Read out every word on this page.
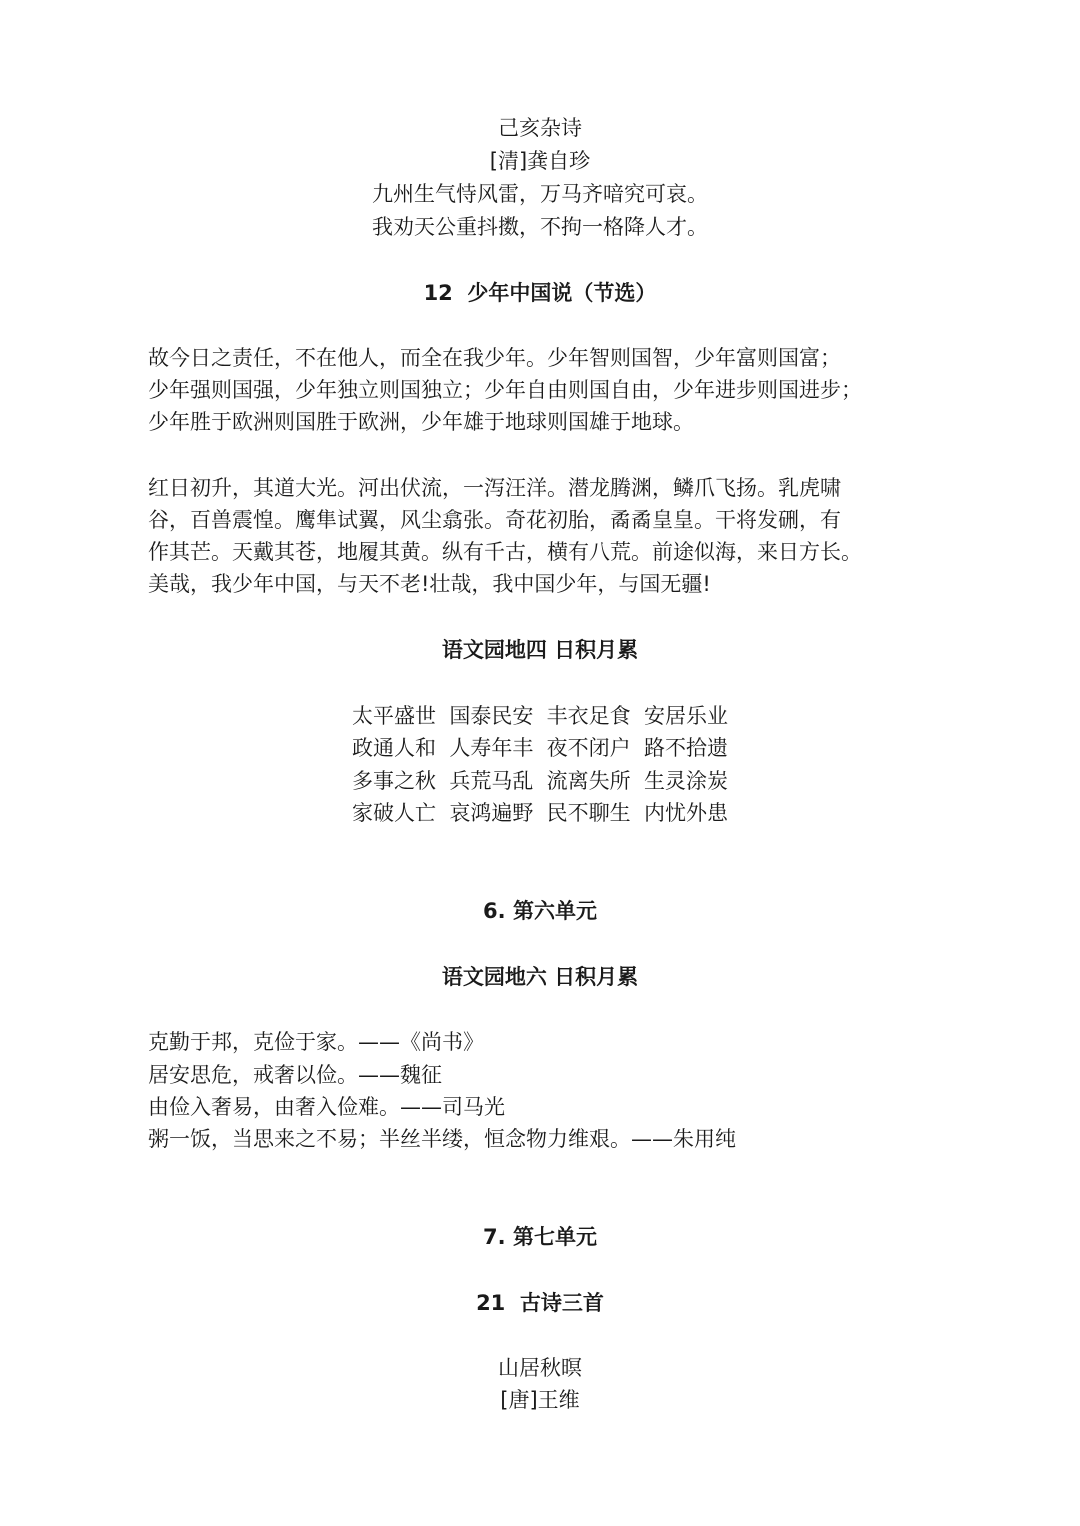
己亥杂诗
[清]龚自珍
九州生气恃风雷，万马齐喑究可哀。
我劝天公重抖擞，不拘一格降人才。
12  少年中国说（节选）
故今日之责任，不在他人，而全在我少年。少年智则国智，少年富则国富；
少年强则国强，少年独立则国独立；少年自由则国自由，少年进步则国进步；
少年胜于欧洲则国胜于欧洲，少年雄于地球则国雄于地球。
红日初升，其道大光。河出伏流，一泻汪洋。潜龙腾渊，鳞爪飞扬。乳虎啸
谷，百兽震惶。鹰隼试翼，风尘翕张。奇花初胎，矞矞皇皇。干将发硎，有
作其芒。天戴其苍，地履其黄。纵有千古，横有八荒。前途似海，来日方长。
美哉，我少年中国，与天不老!壮哉，我中国少年，与国无疆!
语文园地四 日积月累
太平盛世  国泰民安  丰衣足食  安居乐业
政通人和  人寿年丰  夜不闭户  路不拾遗
多事之秋  兵荒马乱  流离失所  生灵涂炭
家破人亡  哀鸿遍野  民不聊生  内忧外患
6. 第六单元
语文园地六 日积月累
克勤于邦，克俭于家。——《尚书》
居安思危，戒奢以俭。——魏征
由俭入奢易，由奢入俭难。——司马光
粥一饭，当思来之不易；半丝半缕，恒念物力维艰。——朱用纯
7. 第七单元
21  古诗三首
山居秋暝
[唐]王维
